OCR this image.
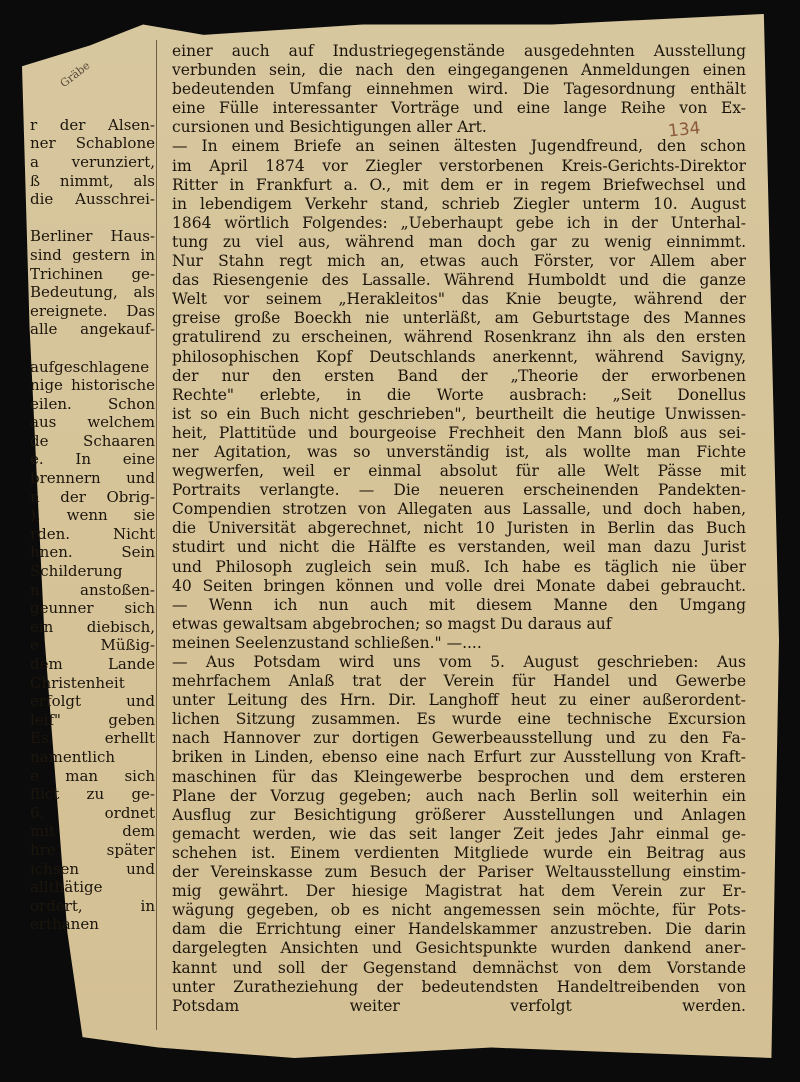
Gräbe

r der Alsen-
ner Schablone
a verunziert,
ß nimmt, als
die Ausschrei-

Berliner Haus-
sind gestern in
Trichinen ge-
Bedeutung, als
ereignete. Das
alle angekauf-

aufgeschlagene
nige historische
eilen. Schon
aus welchem
de Schaaren
e. In eine
brennern und
n der Obrig-
), wenn sie
rden. Nicht
hnen. Sein
Schilderung
n anstoßen-
geunner sich
ein diebisch,
e Müßig-
dem Lande
Christenheit
erfolgt und
leif" geben
Es erhellt
namentlich
e man sich
flict zu ge-
6, ordnet
mit dem
hre später
ichsen und
allthätige
ordert, in
erthanen
einer auch auf Industriegegenstände ausgedehnten Ausstellung
verbunden sein, die nach den eingegangenen Anmeldungen einen
bedeutenden Umfang einnehmen wird. Die Tagesordnung enthält
eine Fülle interessanter Vorträge und eine lange Reihe von Ex-
cursionen und Besichtigungen aller Art.
— In einem Briefe an seinen ältesten Jugendfreund, den schon
im April 1874 vor Ziegler verstorbenen Kreis-Gerichts-Direktor
Ritter in Frankfurt a. O., mit dem er in regem Briefwechsel und
in lebendigem Verkehr stand, schrieb Ziegler unterm 10. August
1864 wörtlich Folgendes: „Ueberhaupt gebe ich in der Unterhal-
tung zu viel aus, während man doch gar zu wenig einnimmt.
Nur Stahn regt mich an, etwas auch Förster, vor Allem aber
das Riesengenie des Lassalle. Während Humboldt und die ganze
Welt vor seinem „Herakleitos" das Knie beugte, während der
greise große Boeckh nie unterläßt, am Geburtstage des Mannes
gratulirend zu erscheinen, während Rosenkranz ihn als den ersten
philosophischen Kopf Deutschlands anerkennt, während Savigny,
der nur den ersten Band der „Theorie der erworbenen
Rechte" erlebte, in die Worte ausbrach: „Seit Donellus
ist so ein Buch nicht geschrieben", beurtheilt die heutige Unwissen-
heit, Plattitüde und bourgeoise Frechheit den Mann bloß aus sei-
ner Agitation, was so unverständig ist, als wollte man Fichte
wegwerfen, weil er einmal absolut für alle Welt Pässe mit
Portraits verlangte. — Die neueren erscheinenden Pandekten-
Compendien strotzen von Allegaten aus Lassalle, und doch haben,
die Universität abgerechnet, nicht 10 Juristen in Berlin das Buch
studirt und nicht die Hälfte es verstanden, weil man dazu Jurist
und Philosoph zugleich sein muß. Ich habe es täglich nie über
40 Seiten bringen können und volle drei Monate dabei gebraucht.
— Wenn ich nun auch mit diesem Manne den Umgang
etwas gewaltsam abgebrochen; so magst Du daraus auf
meinen Seelenzustand schließen." —....
— Aus Potsdam wird uns vom 5. August geschrieben: Aus
mehrfachem Anlaß trat der Verein für Handel und Gewerbe
unter Leitung des Hrn. Dir. Langhoff heut zu einer außerordent-
lichen Sitzung zusammen. Es wurde eine technische Excursion
nach Hannover zur dortigen Gewerbeausstellung und zu den Fa-
briken in Linden, ebenso eine nach Erfurt zur Ausstellung von Kraft-
maschinen für das Kleingewerbe besprochen und dem ersteren
Plane der Vorzug gegeben; auch nach Berlin soll weiterhin ein
Ausflug zur Besichtigung größerer Ausstellungen und Anlagen
gemacht werden, wie das seit langer Zeit jedes Jahr einmal ge-
schehen ist. Einem verdienten Mitgliede wurde ein Beitrag aus
der Vereinskasse zum Besuch der Pariser Weltausstellung einstim-
mig gewährt. Der hiesige Magistrat hat dem Verein zur Er-
wägung gegeben, ob es nicht angemessen sein möchte, für Pots-
dam die Errichtung einer Handelskammer anzustreben. Die darin
dargelegten Ansichten und Gesichtspunkte wurden dankend aner-
kannt und soll der Gegenstand demnächst von dem Vorstande
unter Zuratheziehung der bedeutendsten Handeltreibenden von
Potsdam weiter verfolgt werden.
134
